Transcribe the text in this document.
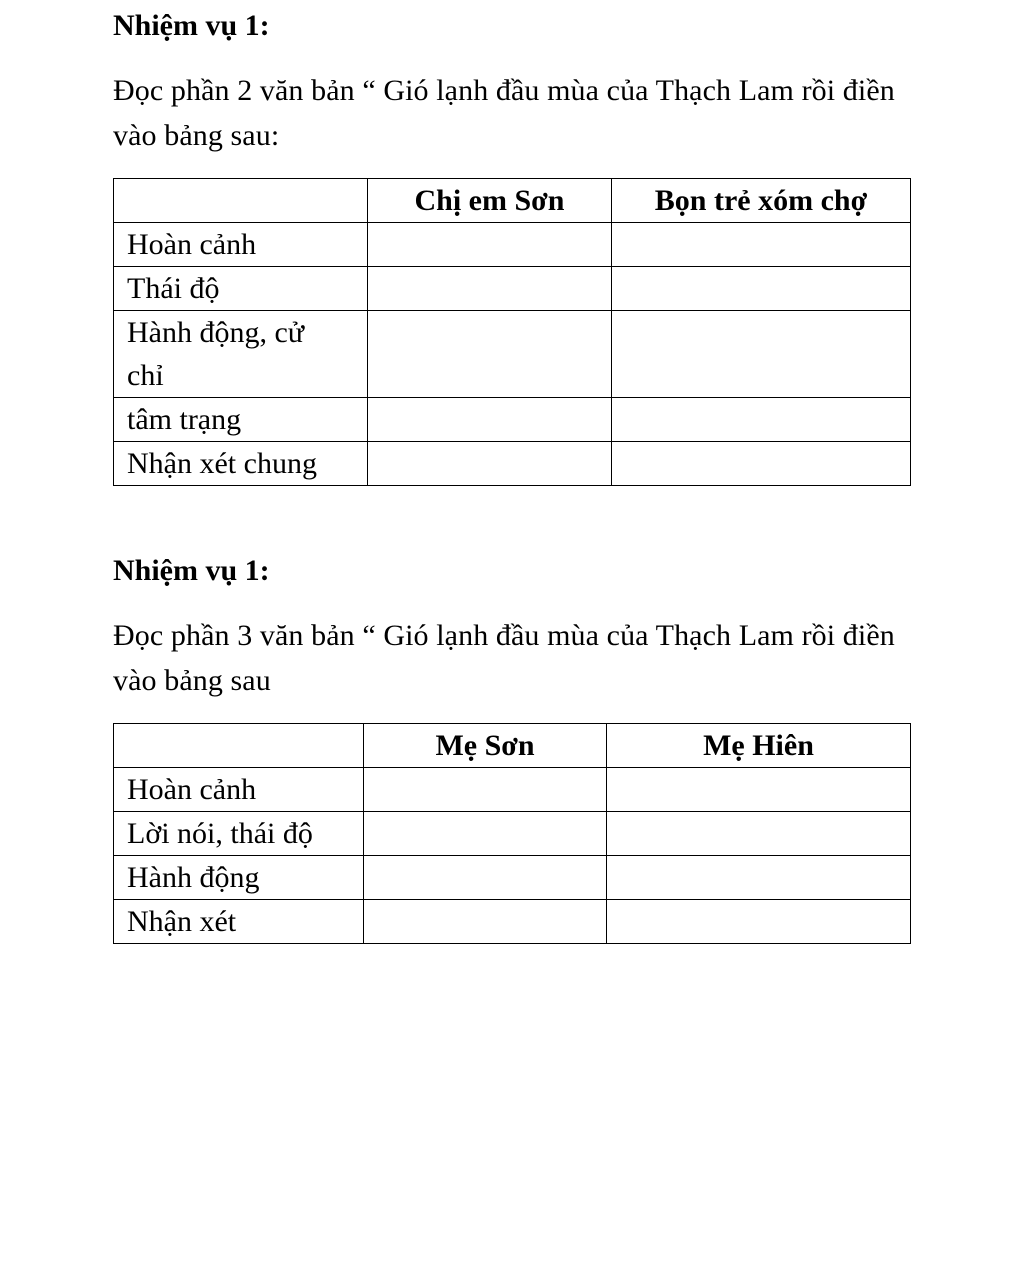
Nhiệm vụ 1:

Đọc phần 2 văn bản “ Gió lạnh đầu mùa của Thạch Lam rồi điền vào bảng sau:

	Chị em Sơn	Bọn trẻ xóm chợ
Hoàn cảnh		
Thái độ		
Hành động, cử chỉ		
tâm trạng		
Nhận xét chung		

Nhiệm vụ 1:

Đọc phần 3 văn bản “ Gió lạnh đầu mùa của Thạch Lam rồi điền vào bảng sau

	Mẹ Sơn	Mẹ Hiên
Hoàn cảnh		
Lời nói, thái độ		
Hành động		
Nhận xét		
